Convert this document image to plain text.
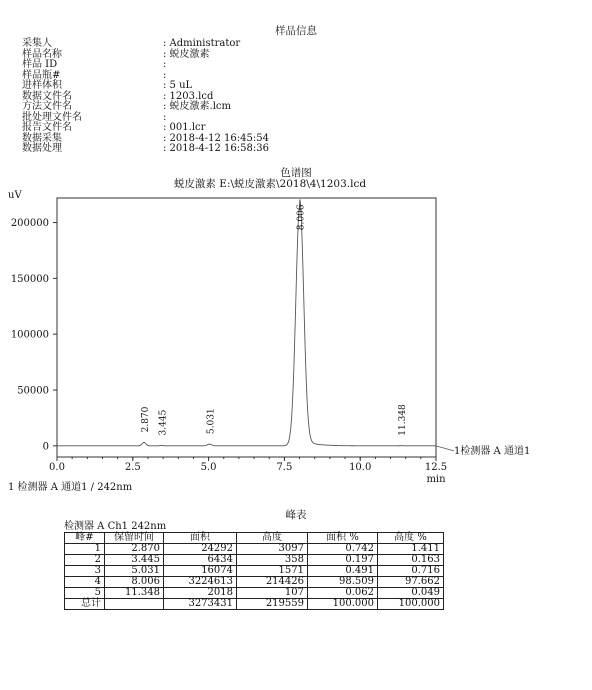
样品信息
采集人	: Administrator
样品名称	: 蜕皮激素
样品 ID	:
样品瓶#	:
进样体积	: 5 uL
数据文件名	: 1203.lcd
方法文件名	: 蜕皮激素.lcm
批处理文件名	:
报告文件名	: 001.lcr
数据采集	: 2018-4-12 16:45:54
数据处理	: 2018-4-12 16:58:36
色谱图
蜕皮激素 E:\蜕皮激素\2018\4\1203.lcd
uV
min
0
50000
100000
150000
200000
0.0	2.5	5.0	7.5	10.0	12.5
1检测器 A 通道1
2.870 3.445	5.031
8.006
11.348
1 检测器 A 通道1 / 242nm
峰表
检测器 A Ch1 242nm
峰#	保留时间	面积	高度	面积 %	高度 %
1	2.870	24292	3097	0.742	1.411
2	3.445	6434	358	0.197	0.163
3	5.031	16074	1571	0.491	0.716
4	8.006	3224613	214426	98.509	97.662
5	11.348	2018	107	0.062	0.049
总计		3273431	219559	100.000	100.000
